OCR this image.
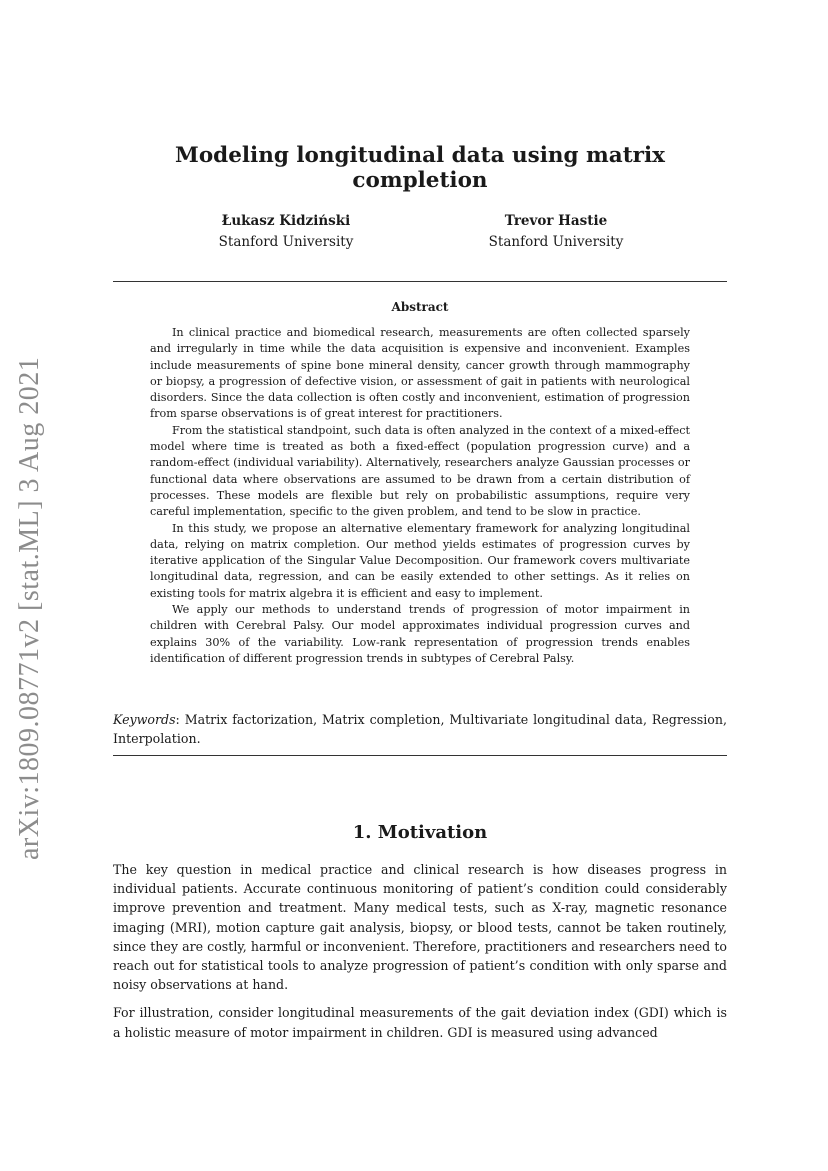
arXiv:1809.08771v2 [stat.ML] 3 Aug 2021
Modeling longitudinal data using matrix completion
Łukasz Kidziński
Stanford University
Trevor Hastie
Stanford University
Abstract

In clinical practice and biomedical research, measurements are often collected sparsely and irregularly in time while the data acquisition is expensive and inconvenient. Examples include measurements of spine bone mineral density, cancer growth through mammography or biopsy, a progression of defective vision, or assessment of gait in patients with neurological disorders. Since the data collection is often costly and inconvenient, estimation of progression from sparse observations is of great interest for practitioners.

From the statistical standpoint, such data is often analyzed in the context of a mixed-effect model where time is treated as both a fixed-effect (population progression curve) and a random-effect (individual variability). Alternatively, researchers analyze Gaussian processes or functional data where observations are assumed to be drawn from a certain distribution of processes. These models are flexible but rely on probabilistic assumptions, require very careful implementation, specific to the given problem, and tend to be slow in practice.

In this study, we propose an alternative elementary framework for analyzing longitudinal data, relying on matrix completion. Our method yields estimates of progression curves by iterative application of the Singular Value Decomposition. Our framework covers multivariate longitudinal data, regression, and can be easily extended to other settings. As it relies on existing tools for matrix algebra it is efficient and easy to implement.

We apply our methods to understand trends of progression of motor impairment in children with Cerebral Palsy. Our model approximates individual progression curves and explains 30% of the variability. Low-rank representation of progression trends enables identification of different progression trends in subtypes of Cerebral Palsy.

Keywords: Matrix factorization, Matrix completion, Multivariate longitudinal data, Regression, Interpolation.
1. Motivation

The key question in medical practice and clinical research is how diseases progress in individual patients. Accurate continuous monitoring of patient’s condition could considerably improve prevention and treatment. Many medical tests, such as X-ray, magnetic resonance imaging (MRI), motion capture gait analysis, biopsy, or blood tests, cannot be taken routinely, since they are costly, harmful or inconvenient. Therefore, practitioners and researchers need to reach out for statistical tools to analyze progression of patient’s condition with only sparse and noisy observations at hand.

For illustration, consider longitudinal measurements of the gait deviation index (GDI) which is a holistic measure of motor impairment in children. GDI is measured using advanced
